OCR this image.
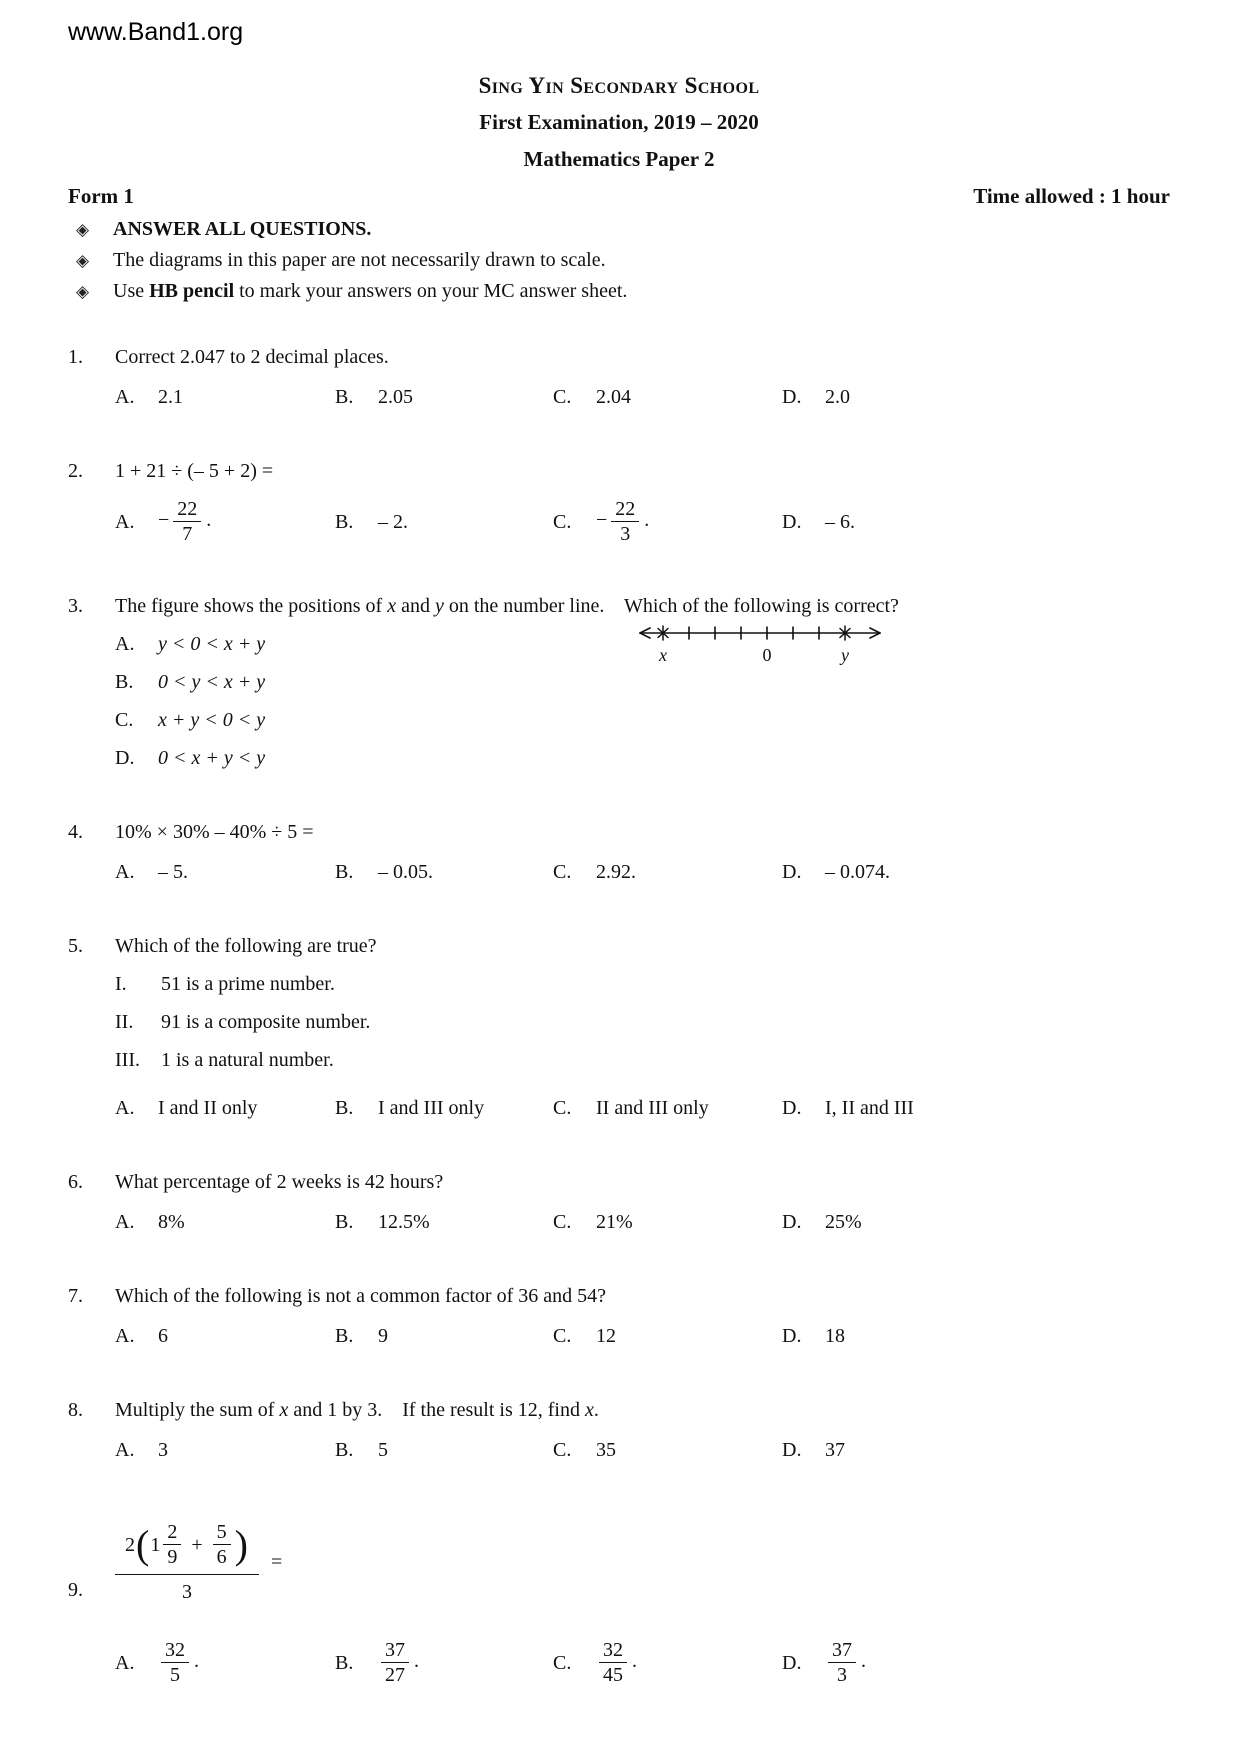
www.Band1.org
Sing Yin Secondary School
First Examination, 2019 – 2020
Mathematics Paper 2
Form 1	Time allowed : 1 hour
◈	ANSWER ALL QUESTIONS.
◈	The diagrams in this paper are not necessarily drawn to scale.
◈	Use HB pencil to mark your answers on your MC answer sheet.
1.	Correct 2.047 to 2 decimal places.

A.	2.1	B.	2.05	C.	2.04	D.	2.0
2.	1 + 21 ÷ (– 5 + 2) =

A.	− $\frac{22}{7}$ .	B.	– 2.	C.	− $\frac{22}{3}$ .	D.	– 6.
3.	The figure shows the positions of x and y on the number line.    Which of the following is correct?

A.	y < 0 < x + y
B.	0 < y < x + y
C.	x + y < 0 < y
D.	0 < x + y < y
x	0	y
4.	10% × 30% – 40% ÷ 5 =

A.	– 5.	B.	– 0.05.	C.	2.92.	D.	– 0.074.
5.	Which of the following are true?

I.	51 is a prime number.
II.	91 is a composite number.
III.	1 is a natural number.
A.	I and II only	B.	I and III only	C.	II and III only	D.	I, II and III
6.	What percentage of 2 weeks is 42 hours?

A.	8%	B.	12.5%	C.	21%	D.	25%
7.	Which of the following is not a common factor of 36 and 54?

A.	6	B.	9	C.	12	D.	18
8.	Multiply the sum of x and 1 by 3.    If the result is 12, find x.

A.	3	B.	5	C.	35	D.	37
9.	$\frac{2 ( 1 \frac{2}{9} + \frac{5}{6} )}{3}$ =
A.	$\frac{32}{5}$ .	B.	$\frac{37}{27}$ .	C.	$\frac{32}{45}$ .	D.	$\frac{37}{3}$ .
